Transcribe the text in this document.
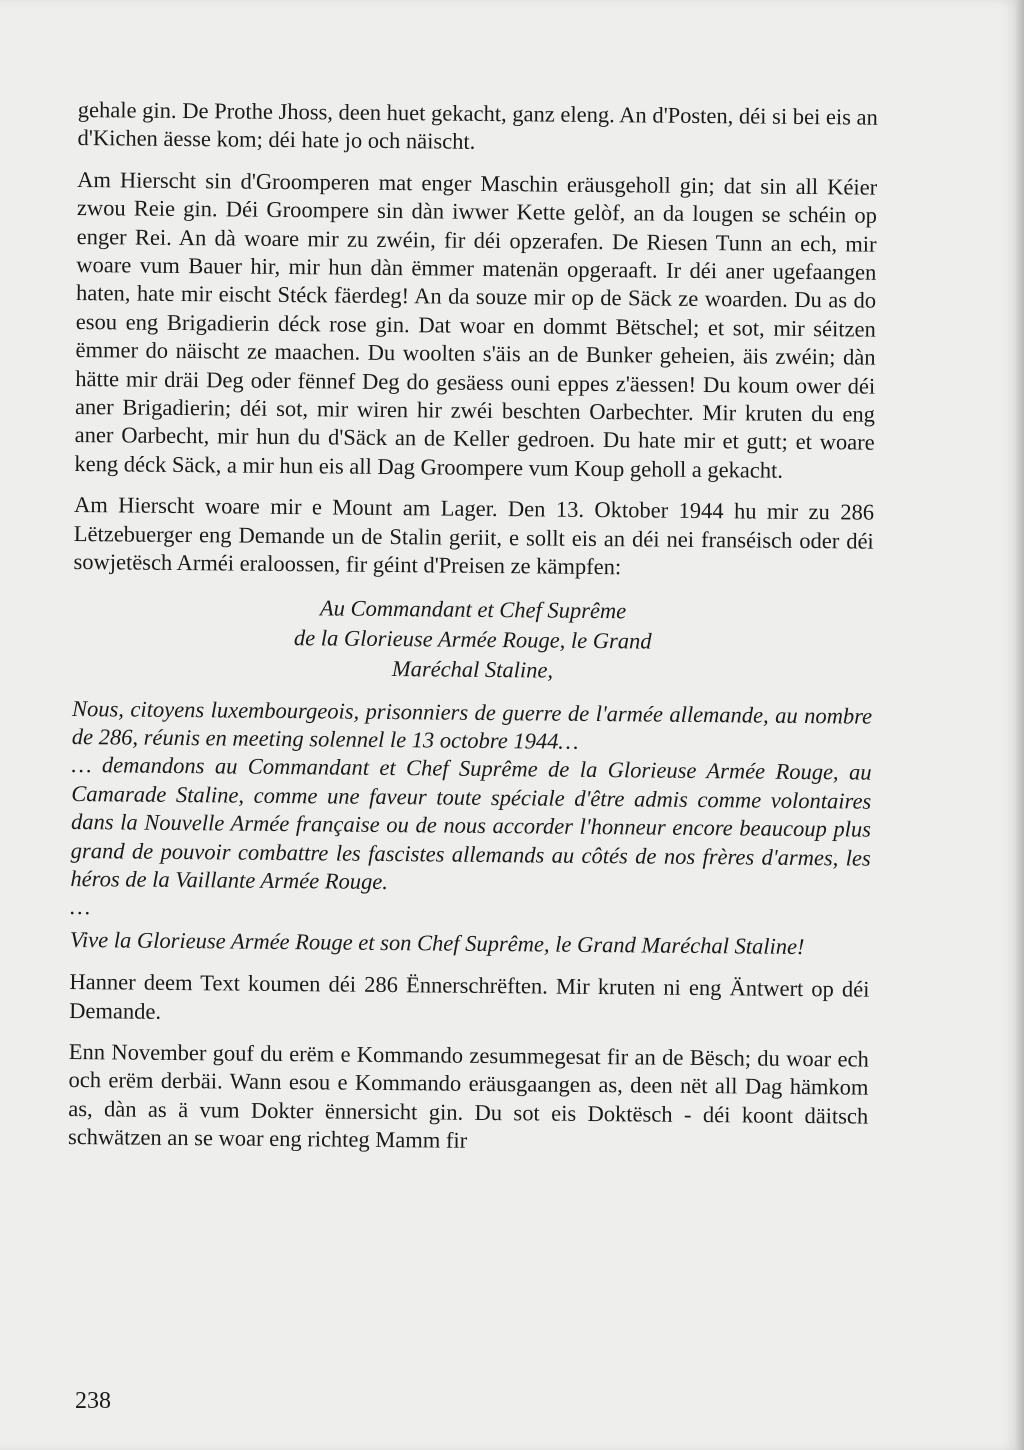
gehale gin. De Prothe Jhoss, deen huet gekacht, ganz eleng. An d'Posten, déi si bei eis an d'Kichen äesse kom; déi hate jo och näischt.

Am Hierscht sin d'Groomperen mat enger Maschin eräusgeholl gin; dat sin all Kéier zwou Reie gin. Déi Groompere sin dàn iwwer Kette gelòf, an da lougen se schéin op enger Rei. An dà woare mir zu zwéin, fir déi opzerafen. De Riesen Tunn an ech, mir woare vum Bauer hir, mir hun dàn ëmmer matenän opgeraaft. Ir déi aner ugefaangen haten, hate mir eischt Stéck fäerdeg! An da souze mir op de Säck ze woarden. Du as do esou eng Brigadierin déck rose gin. Dat woar en dommt Bëtschel; et sot, mir séitzen ëmmer do näischt ze maachen. Du woolten s'äis an de Bunker geheien, äis zwéin; dàn hätte mir dräi Deg oder fënnef Deg do gesäess ouni eppes z'äessen! Du koum ower déi aner Brigadierin; déi sot, mir wiren hir zwéi beschten Oarbechter. Mir kruten du eng aner Oarbecht, mir hun du d'Säck an de Keller gedroen. Du hate mir et gutt; et woare keng déck Säck, a mir hun eis all Dag Groompere vum Koup geholl a gekacht.

Am Hierscht woare mir e Mount am Lager. Den 13. Oktober 1944 hu mir zu 286 Lëtzebuerger eng Demande un de Stalin geriit, e sollt eis an déi nei franséisch oder déi sowjetësch Arméi eraloossen, fir géint d'Preisen ze kämpfen:

Au Commandant et Chef Suprême
de la Glorieuse Armée Rouge, le Grand
Maréchal Staline,

Nous, citoyens luxembourgeois, prisonniers de guerre de l'armée allemande, au nombre de 286, réunis en meeting solennel le 13 octobre 1944…

… demandons au Commandant et Chef Suprême de la Glorieuse Armée Rouge, au Camarade Staline, comme une faveur toute spéciale d'être admis comme volontaires dans la Nouvelle Armée française ou de nous accorder l'honneur encore beaucoup plus grand de pouvoir combattre les fascistes allemands au côtés de nos frères d'armes, les héros de la Vaillante Armée Rouge.

…

Vive la Glorieuse Armée Rouge et son Chef Suprême, le Grand Maréchal Staline!

Hanner deem Text koumen déi 286 Ënnerschrëften. Mir kruten ni eng Äntwert op déi Demande.

Enn November gouf du erëm e Kommando zesummegesat fir an de Bësch; du woar ech och erëm derbäi. Wann esou e Kommando eräusgaangen as, deen nët all Dag hämkom as, dàn as ä vum Dokter ënnersicht gin. Du sot eis Doktësch - déi koont däitsch schwätzen an se woar eng richteg Mamm fir

238
